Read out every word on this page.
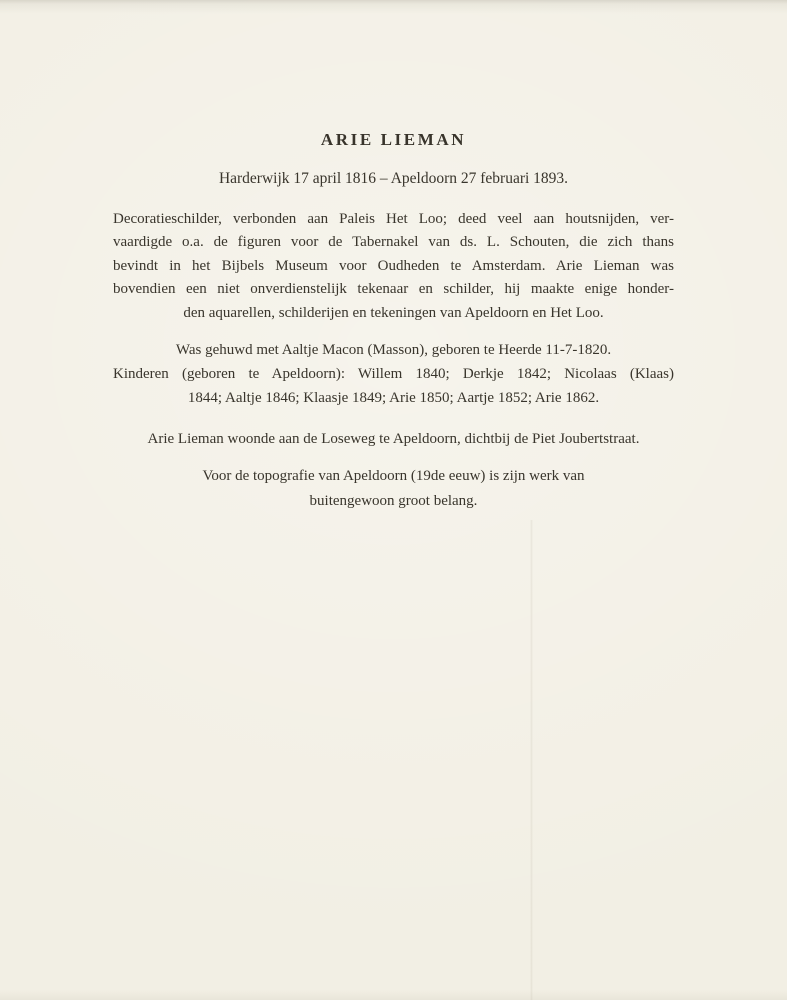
ARIE LIEMAN
Harderwijk 17 april 1816 – Apeldoorn 27 februari 1893.
Decoratieschilder, verbonden aan Paleis Het Loo; deed veel aan houtsnijden, ver-
vaardigde o.a. de figuren voor de Tabernakel van ds. L. Schouten, die zich thans
bevindt in het Bijbels Museum voor Oudheden te Amsterdam. Arie Lieman was
bovendien een niet onverdienstelijk tekenaar en schilder, hij maakte enige honder-
den aquarellen, schilderijen en tekeningen van Apeldoorn en Het Loo.
Was gehuwd met Aaltje Macon (Masson), geboren te Heerde 11-7-1820.
Kinderen (geboren te Apeldoorn): Willem 1840; Derkje 1842; Nicolaas (Klaas)
1844; Aaltje 1846; Klaasje 1849; Arie 1850; Aartje 1852; Arie 1862.
Arie Lieman woonde aan de Loseweg te Apeldoorn, dichtbij de Piet Joubertstraat.
Voor de topografie van Apeldoorn (19de eeuw) is zijn werk van
buitengewoon groot belang.
